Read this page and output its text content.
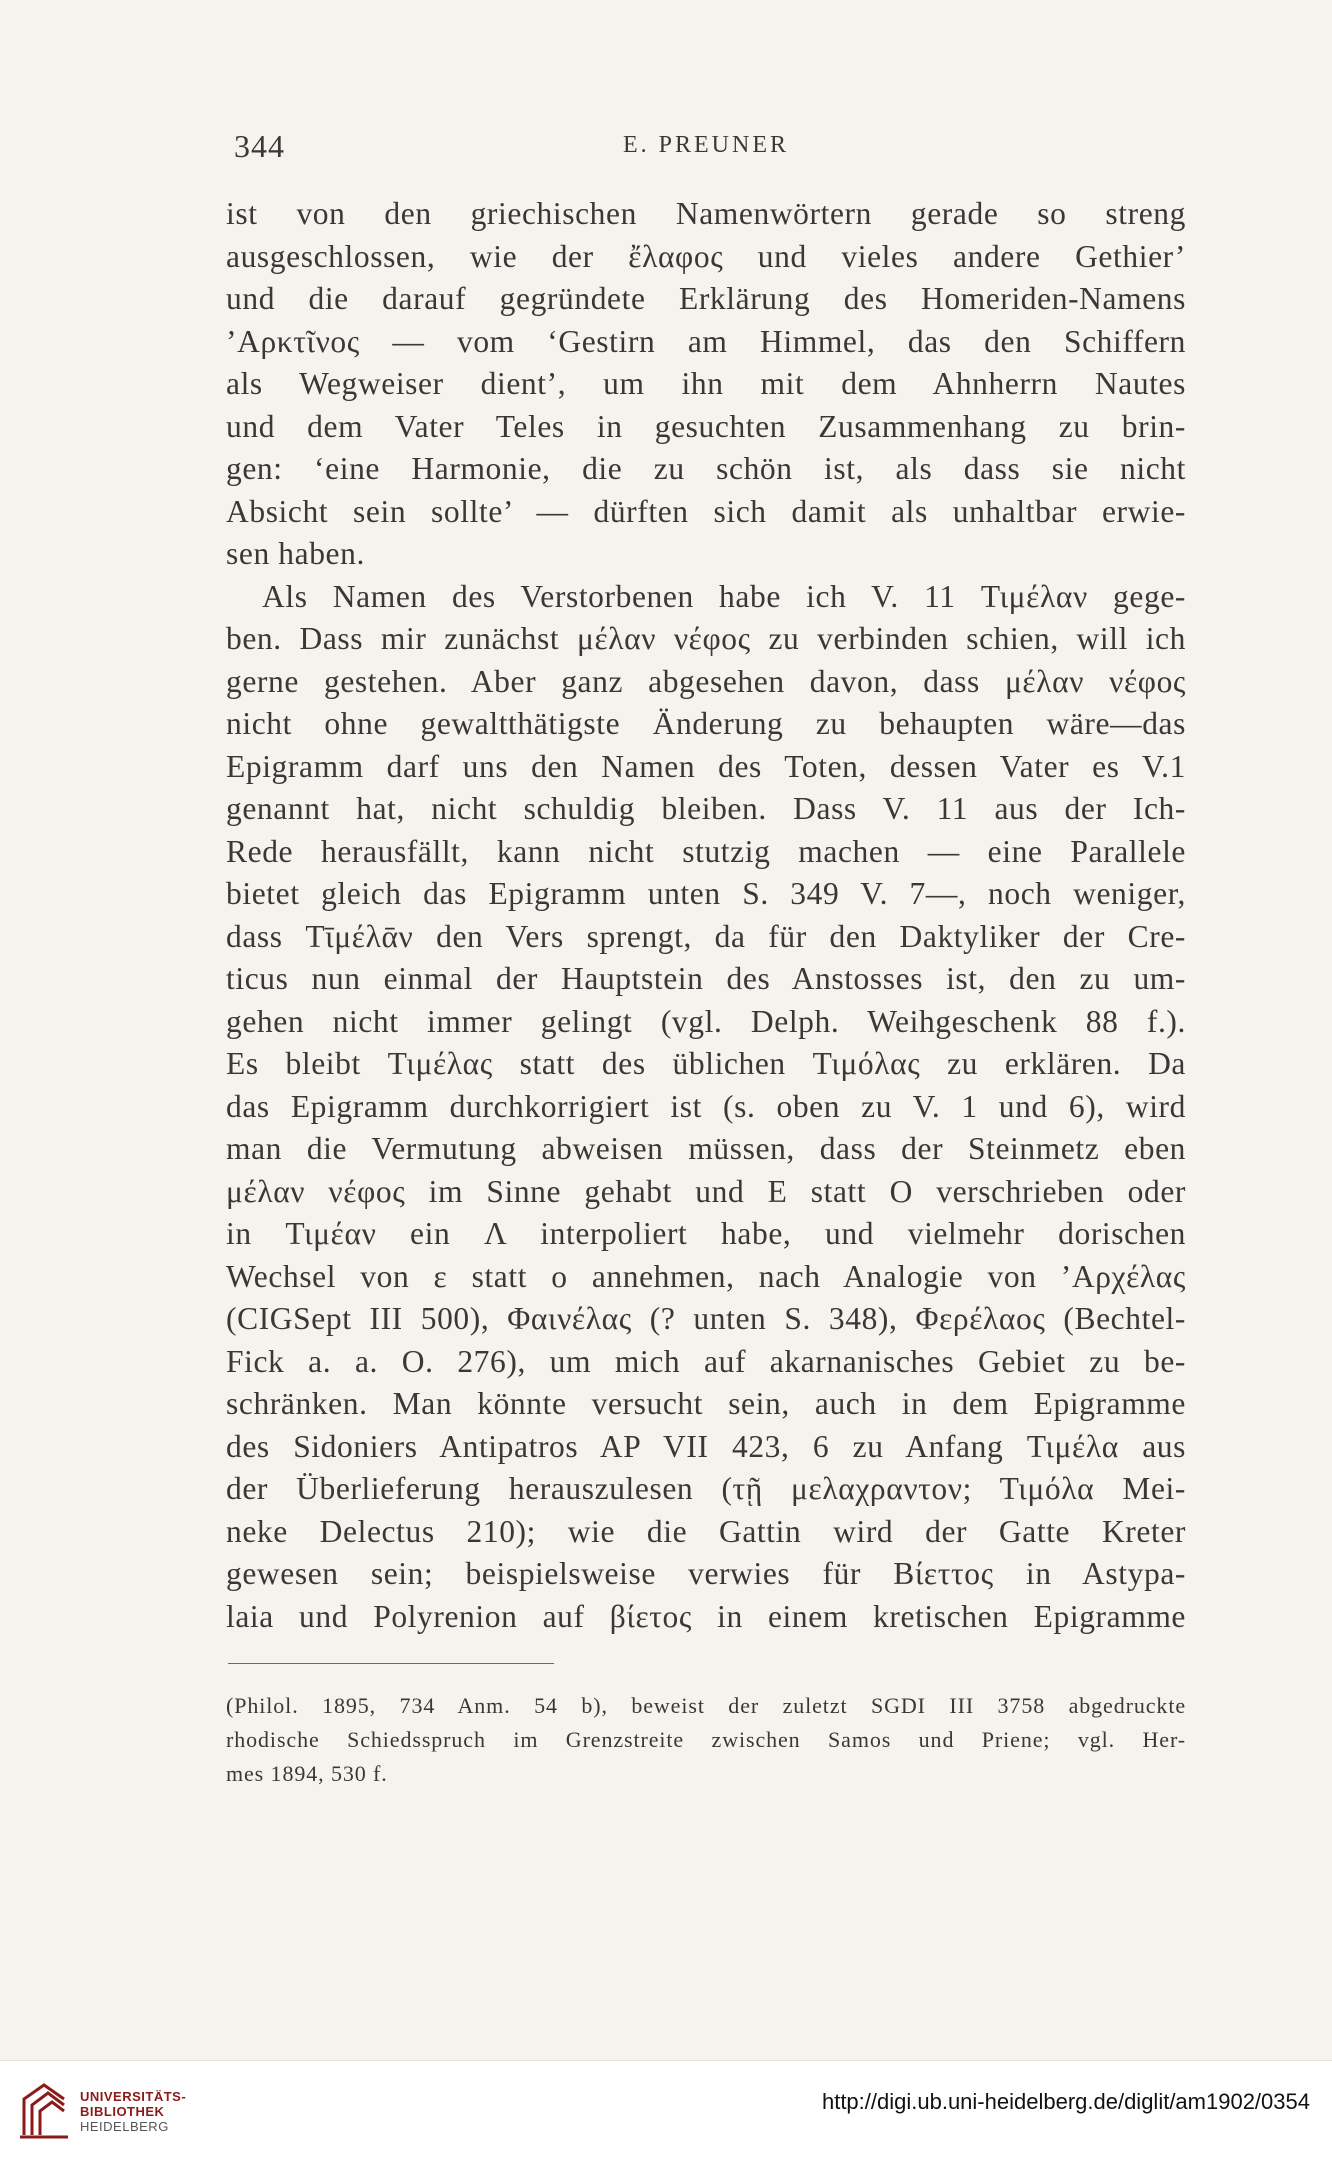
344	E. PREUNER
ist von den griechischen Namenwörtern gerade so streng
ausgeschlossen, wie der ἔλαφος und vieles andere Gethier’
und die darauf gegründete Erklärung des Homeriden-Namens
’Αρκτῖνος — vom ‘Gestirn am Himmel, das den Schiffern
als Wegweiser dient’, um ihn mit dem Ahnherrn Nautes
und dem Vater Teles in gesuchten Zusammenhang zu brin-
gen: ‘eine Harmonie, die zu schön ist, als dass sie nicht
Absicht sein sollte’ — dürften sich damit als unhaltbar erwie-
sen haben.
Als Namen des Verstorbenen habe ich V. 11 Τιμέλαν gege-
ben. Dass mir zunächst μέλαν νέφος zu verbinden schien, will ich
gerne gestehen. Aber ganz abgesehen davon, dass μέλαν νέφος
nicht ohne gewaltthätigste Änderung zu behaupten wäre—das
Epigramm darf uns den Namen des Toten, dessen Vater es V.1
genannt hat, nicht schuldig bleiben. Dass V. 11 aus der Ich-
Rede herausfällt, kann nicht stutzig machen — eine Parallele
bietet gleich das Epigramm unten S. 349 V. 7—, noch weniger,
dass Τῑμέλᾱν den Vers sprengt, da für den Daktyliker der Cre-
ticus nun einmal der Hauptstein des Anstosses ist, den zu um-
gehen nicht immer gelingt (vgl. Delph. Weihgeschenk 88 f.).
Es bleibt Τιμέλας statt des üblichen Τιμόλας zu erklären. Da
das Epigramm durchkorrigiert ist (s. oben zu V. 1 und 6), wird
man die Vermutung abweisen müssen, dass der Steinmetz eben
μέλαν νέφος im Sinne gehabt und Ε statt Ο verschrieben oder
in Τιμέαν ein Λ interpoliert habe, und vielmehr dorischen
Wechsel von ε statt ο annehmen, nach Analogie von ’Αρχέλας
(CIGSept III 500), Φαινέλας (? unten S. 348), Φερέλαος (Bechtel-
Fick a. a. O. 276), um mich auf akarnanisches Gebiet zu be-
schränken. Man könnte versucht sein, auch in dem Epigramme
des Sidoniers Antipatros AP VII 423, 6 zu Anfang Τιμέλα aus
der Überlieferung herauszulesen (τῇ μελαχραντον; Τιμόλα Mei-
neke Delectus 210); wie die Gattin wird der Gatte Kreter
gewesen sein; beispielsweise verwies für Βίεττος in Astypa-
laia und Polyrenion auf βίετος in einem kretischen Epigramme
(Philol. 1895, 734 Anm. 54 b), beweist der zuletzt SGDI III 3758 abgedruckte
rhodische Schiedsspruch im Grenzstreite zwischen Samos und Priene; vgl. Her-
mes 1894, 530 f.
UNIVERSITÄTS-
BIBLIOTHEK
HEIDELBERG
http://digi.ub.uni-heidelberg.de/diglit/am1902/0354
